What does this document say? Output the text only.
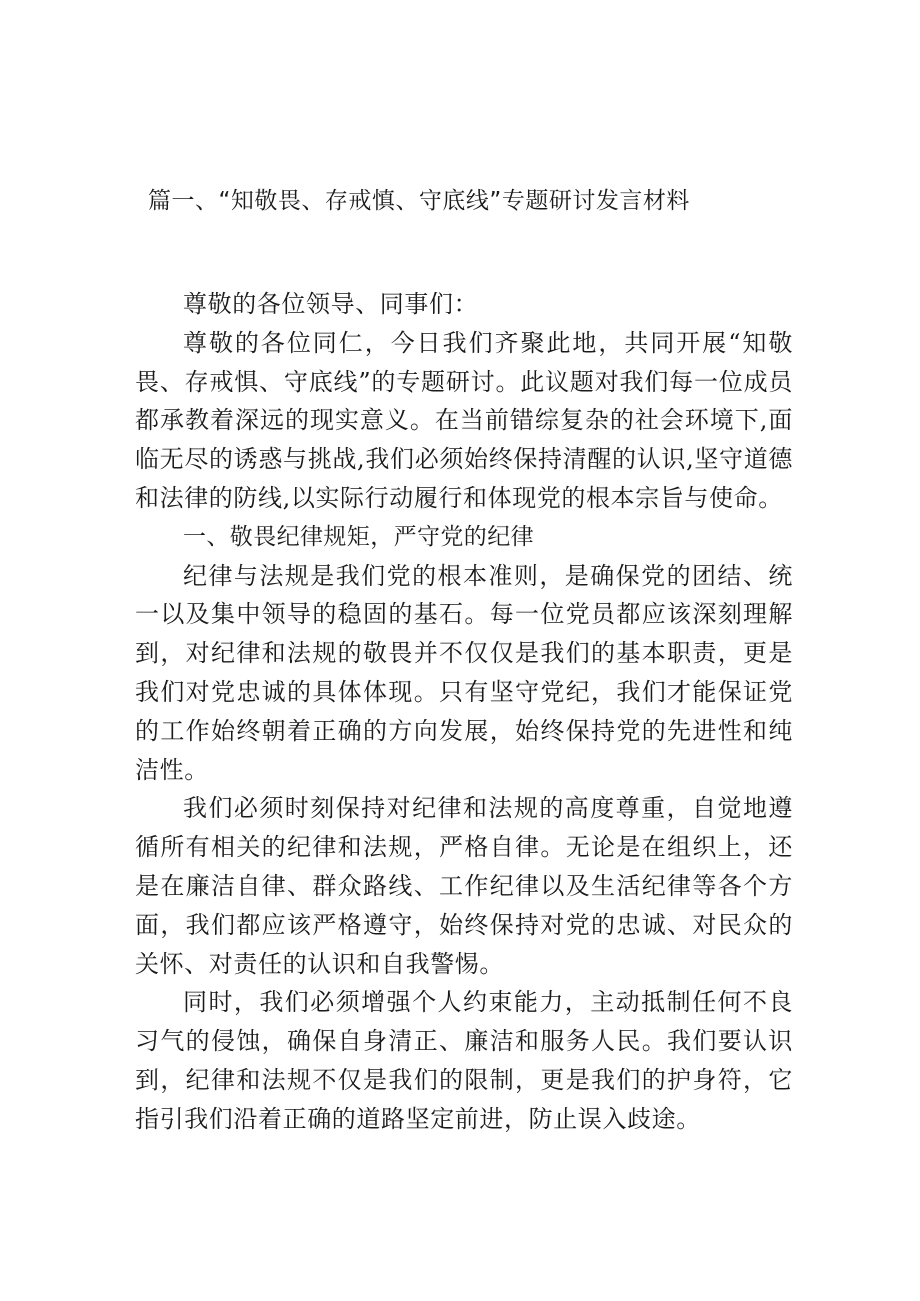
篇一、“知敬畏、存戒慎、守底线”专题研讨发言材料

尊敬的各位领导、同事们：

尊敬的各位同仁，今日我们齐聚此地，共同开展“知敬畏、存戒惧、守底线”的专题研讨。此议题对我们每一位成员都承教着深远的现实意义。在当前错综复杂的社会环境下,面临无尽的诱惑与挑战,我们必须始终保持清醒的认识,坚守道德和法律的防线,以实际行动履行和体现党的根本宗旨与使命。

一、敬畏纪律规矩，严守党的纪律

纪律与法规是我们党的根本准则，是确保党的团结、统一以及集中领导的稳固的基石。每一位党员都应该深刻理解到，对纪律和法规的敬畏并不仅仅是我们的基本职责，更是我们对党忠诚的具体体现。只有坚守党纪，我们才能保证党的工作始终朝着正确的方向发展，始终保持党的先进性和纯洁性。

我们必须时刻保持对纪律和法规的高度尊重，自觉地遵循所有相关的纪律和法规，严格自律。无论是在组织上，还是在廉洁自律、群众路线、工作纪律以及生活纪律等各个方面，我们都应该严格遵守，始终保持对党的忠诚、对民众的关怀、对责任的认识和自我警惕。

同时，我们必须增强个人约束能力，主动抵制任何不良习气的侵蚀，确保自身清正、廉洁和服务人民。我们要认识到，纪律和法规不仅是我们的限制，更是我们的护身符，它指引我们沿着正确的道路坚定前进，防止误入歧途。
